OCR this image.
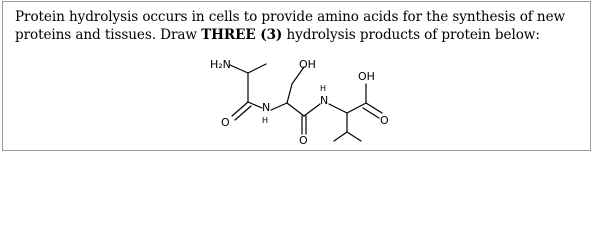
Protein hydrolysis occurs in cells to provide amino acids for the synthesis of new
proteins and tissues. Draw THREE (3) hydrolysis products of protein below:

H₂N	OH
OH
O
O
O
N
H
H
N
